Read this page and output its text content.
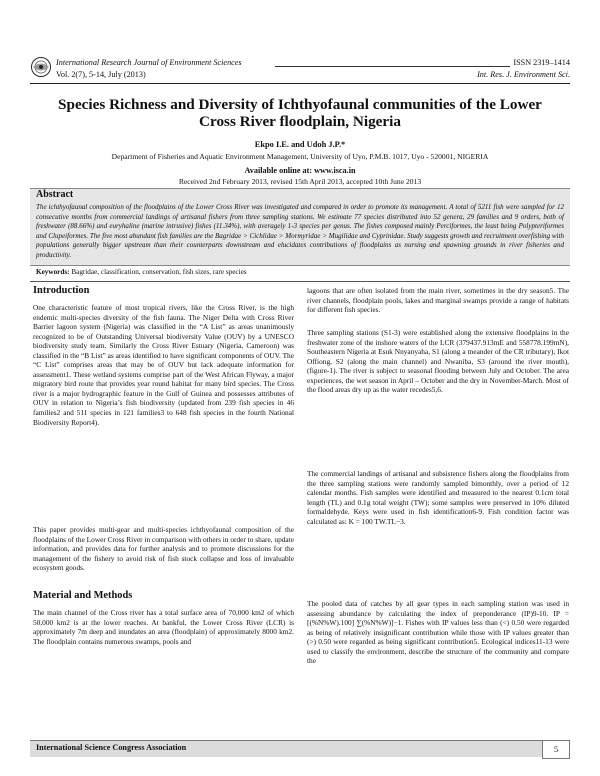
International Research Journal of Environment Sciences	ISSN 2319–1414
Vol. 2(7), 5-14, July (2013)	Int. Res. J. Environment Sci.
Species Richness and Diversity of Ichthyofaunal communities of the Lower
Cross River floodplain, Nigeria
Ekpo I.E. and Udoh J.P.*
Department of Fisheries and Aquatic Environment Management, University of Uyo, P.M.B. 1017, Uyo - 520001, NIGERIA
Available online at: www.isca.in
Received 2nd February 2013, revised 15th April 2013, accepted 10th June 2013
Abstract
The ichthyofaunal composition of the floodplains of the Lower Cross River was investigated and compared in order to promote its management. A total of 5211 fish were sampled for 12 consecutive months from commercial landings of artisanal fishers from three sampling stations. We estimate 77 species distributed into 52 genera, 29 families and 9 orders, both of freshwater (88.66%) and euryhaline (marine intrusive) fishes (11.34%), with averagely 1-3 species per genus. The fishes composed mainly Perciformes, the least being Polypteriformes and Clupeiformes. The five most abundant fish families are the Bagridae > Cichlidae > Mormyridae > Mugilidae and Cyprinidae. Study suggests growth and recruitment overfishing with populations generally bigger upstream than their counterparts downstream and elucidates contributions of floodplains as nursing and spawning grounds in river fisheries and productivity.
Keywords: Bagridae, classification, conservation, fish sizes, rare species
Introduction
One characteristic feature of most tropical rivers, like the Cross River, is the high endemic multi-species diversity of the fish fauna. The Niger Delta with Cross River Barrier lagoon system (Nigeria) was classified in the “A List” as areas unanimously recognized to be of Outstanding Universal biodiversity Value (OUV) by a UNESCO biodiversity study team. Similarly the Cross River Estuary (Nigeria, Cameroon) was classified in the “B List” as areas identified to have significant components of OUV. The “C List” comprises areas that may be of OUV but lack adequate information for assessment1. These wetland systems comprise part of the West African Flyway, a major migratory bird route that provides year round habitat for many bird species. The Cross river is a major hydrographic feature in the Gulf of Guinea and possesses attributes of OUV in relation to Nigeria’s fish biodiversity (updated from 239 fish species in 46 families2 and 511 species in 121 families3 to 648 fish species in the fourth National Biodiversity Report4).
This paper provides multi-gear and multi-species ichthyofaunal composition of the floodplains of the Lower Cross River in comparison with others in order to share, update information, and provides data for further analysis and to promote discussions for the management of the fishery to avoid risk of fish stock collapse and loss of invaluable ecosystem goods.
Material and Methods
The main channel of the Cross river has a total surface area of 70,000 km2 of which 50,000 km2 is at the lower reaches. At bankful, the Lower Cross River (LCR) is approximately 7m deep and inundates an area (floodplain) of approximately 8000 km2. The floodplain contains numerous swamps, pools and
lagoons that are often isolated from the main river, sometimes in the dry season5. The river channels, floodplain pools, lakes and marginal swamps provide a range of habitats for different fish species.
Three sampling stations (S1-3) were established along the extensive floodplains in the freshwater zone of the inshore waters of the LCR (379437.913mE and 558778.199mN), Southeastern Nigeria at Esuk Nnyanyaha, S1 (along a meander of the CR tributary), Ikot Offiong, S2 (along the main channel) and Nwaniba, S3 (around the river mouth), (figure-1). The river is subject to seasonal flooding between July and October. The area experiences, the wet season in April – October and the dry in November-March. Most of the flood areas dry up as the water recedes5,6.
The commercial landings of artisanal and subsistence fishers along the floodplains from the three sampling stations were randomly sampled bimonthly, over a period of 12 calendar months. Fish samples were identified and measured to the nearest 0.1cm total length (TL) and 0.1g total weight (TW); some samples were preserved in 10% diluted formaldehyde. Keys were used in fish identification6-9. Fish condition factor was calculated as: K = 100 TW.TL−3.
The pooled data of catches by all gear types in each sampling station was used in assessing abundance by calculating the index of preponderance (IP)9-10. IP = [(%N%W).100] ∑(%N%W)]−1. Fishes with IP values less than (<) 0.50 were regarded as being of relatively insignificant contribution while those with IP values greater than (>) 0.50 were regarded as being significant contribution5. Ecological indices11-13 were used to classify the environment, describe the structure of the community and compare the
International Science Congress Association	5
